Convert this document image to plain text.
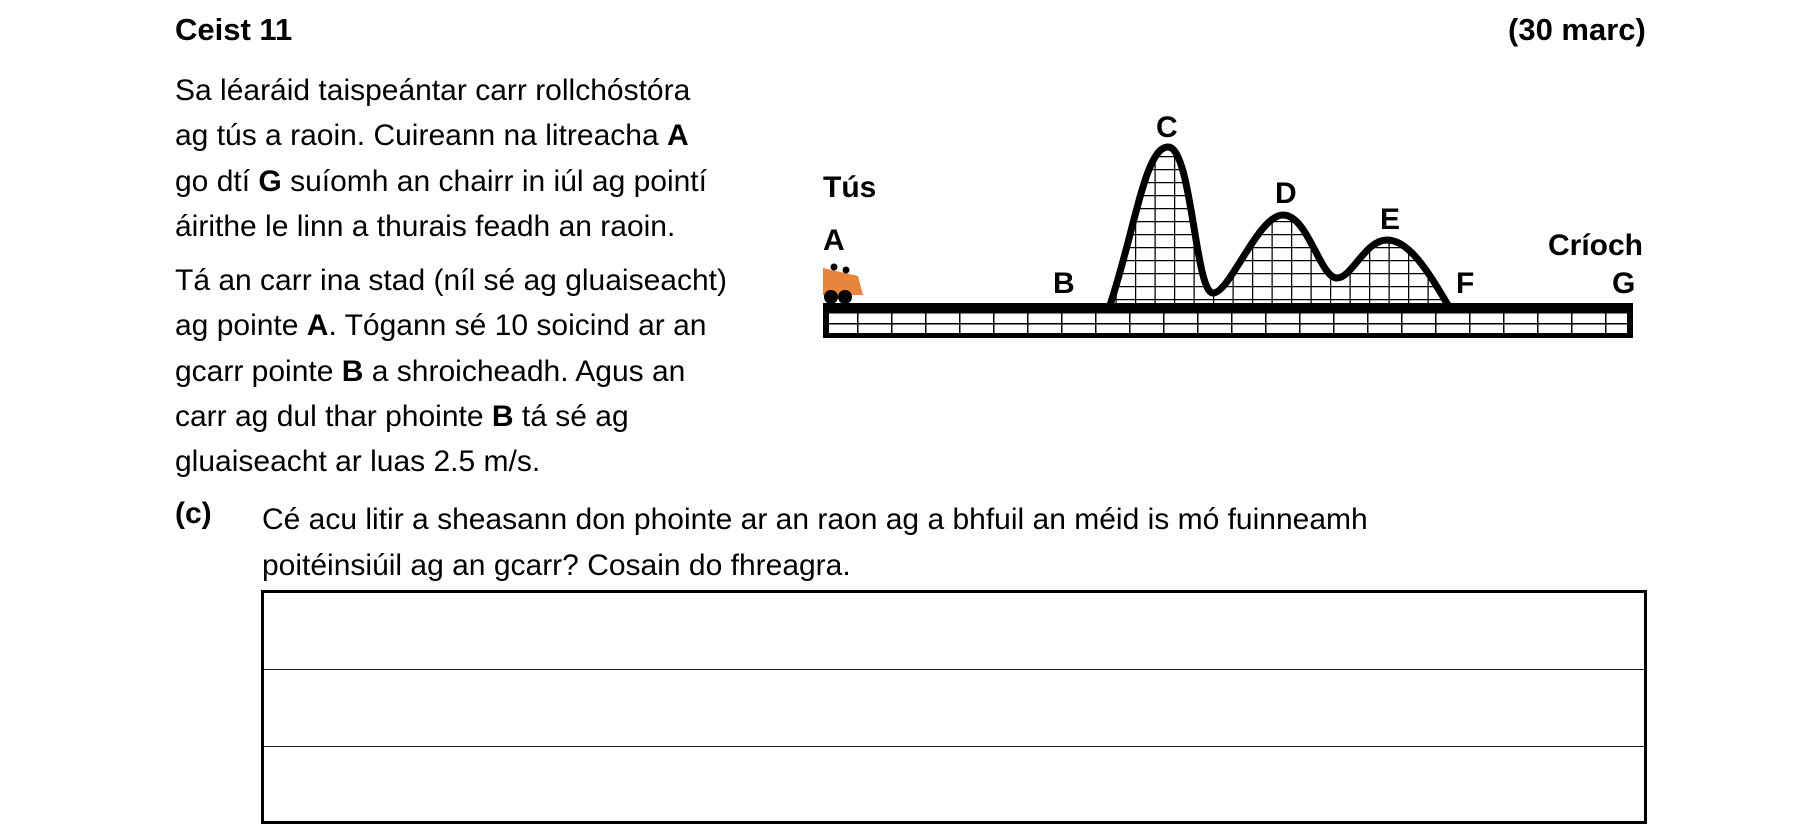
Ceist 11	(30 marc)
Sa léaráid taispeántar carr rollchóstóra
ag tús a raoin. Cuireann na litreacha A
go dtí G suíomh an chairr in iúl ag pointí
áirithe le linn a thurais feadh an raoin.
Tá an carr ina stad (níl sé ag gluaiseacht)
ag pointe A. Tógann sé 10 soicind ar an
gcarr pointe B a shroicheadh. Agus an
carr ag dul thar phointe B tá sé ag
gluaiseacht ar luas 2.5 m/s.
Tús
A
B
C
D
E
F
Críoch
G
(c) Cé acu litir a sheasann don phointe ar an raon ag a bhfuil an méid is mó fuinneamh
poitéinsiúil ag an gcarr? Cosain do fhreagra.
